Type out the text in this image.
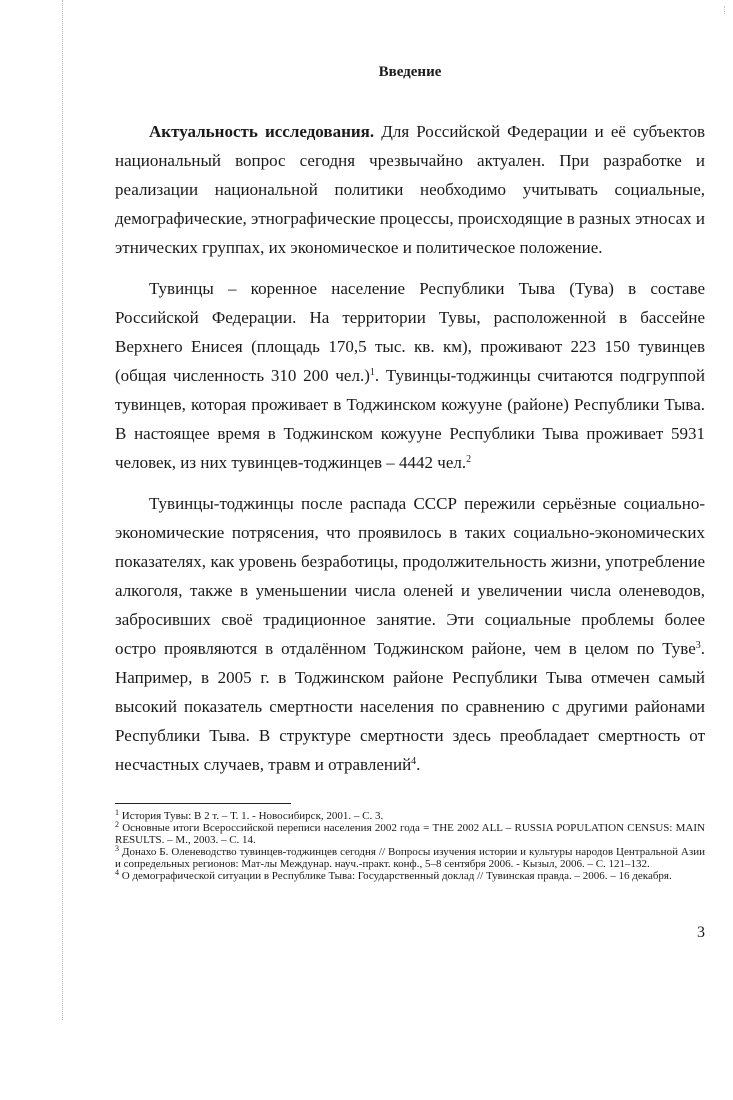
Введение

Актуальность исследования. Для Российской Федерации и её субъектов национальный вопрос сегодня чрезвычайно актуален. При разработке и реализации национальной политики необходимо учитывать социальные, демографические, этнографические процессы, происходящие в разных этносах и этнических группах, их экономическое и политическое положение.

Тувинцы – коренное население Республики Тыва (Тува) в составе Российской Федерации. На территории Тувы, расположенной в бассейне Верхнего Енисея (площадь 170,5 тыс. кв. км), проживают 223 150 тувинцев (общая численность 310 200 чел.)$^1$. Тувинцы-тоджинцы считаются подгруппой тувинцев, которая проживает в Тоджинском кожууне (районе) Республики Тыва. В настоящее время в Тоджинском кожууне Республики Тыва проживает 5931 человек, из них тувинцев-тоджинцев – 4442 чел.$^2$

Тувинцы-тоджинцы после распада СССР пережили серьёзные социально-экономические потрясения, что проявилось в таких социально-экономических показателях, как уровень безработицы, продолжительность жизни, употребление алкоголя, также в уменьшении числа оленей и увеличении числа оленеводов, забросивших своё традиционное занятие. Эти социальные проблемы более остро проявляются в отдалённом Тоджинском районе, чем в целом по Туве$^3$. Например, в 2005 г. в Тоджинском районе Республики Тыва отмечен самый высокий показатель смертности населения по сравнению с другими районами Республики Тыва. В структуре смертности здесь преобладает смертность от несчастных случаев, травм и отравлений$^4$.

$^1$ История Тувы: В 2 т. – Т. 1. - Новосибирск, 2001. – С. 3.

$^2$ Основные итоги Всероссийской переписи населения 2002 года = THE 2002 ALL – RUSSIA POPULATION CENSUS: MAIN RESULTS. – М., 2003. – С. 14.

$^3$ Донахо Б. Оленеводство тувинцев-тоджинцев сегодня // Вопросы изучения истории и культуры народов Центральной Азии и сопредельных регионов: Мат-лы Междунар. науч.-практ. конф., 5–8 сентября 2006. - Кызыл, 2006. – С. 121–132.

$^4$ О демографической ситуации в Республике Тыва: Государственный доклад // Тувинская правда. – 2006. – 16 декабря.

3
